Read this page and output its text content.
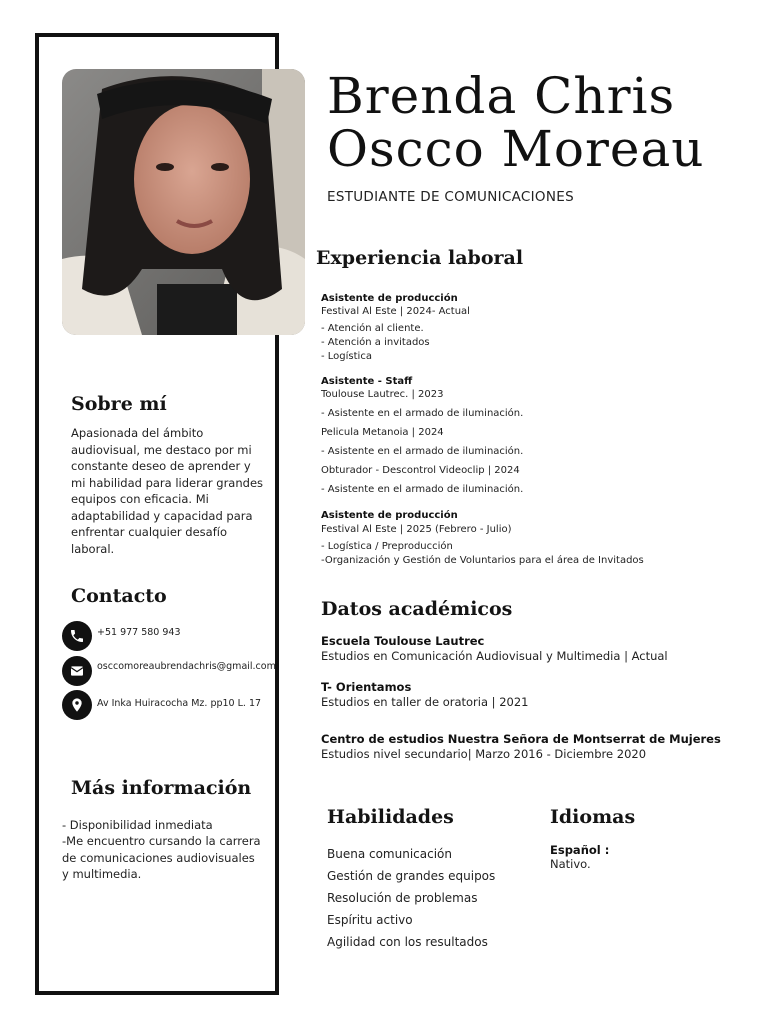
Brenda Chris
Oscco Moreau
ESTUDIANTE DE COMUNICACIONES
Sobre mí
Apasionada del ámbito audiovisual, me destaco por mi constante deseo de aprender y mi habilidad para liderar grandes equipos con eficacia. Mi adaptabilidad y capacidad para enfrentar cualquier desafío laboral.
Contacto
+51 977 580 943
osccomoreaubrendachris@gmail.com
Av Inka Huiracocha Mz. pp10 L. 17
Más información
- Disponibilidad inmediata
-Me encuentro cursando la carrera de comunicaciones audiovisuales y multimedia.
Experiencia laboral
Asistente de producción
Festival Al Este | 2024- Actual
- Atención al cliente.
- Atención a invitados
- Logística
Asistente - Staff
Toulouse Lautrec. | 2023
- Asistente en el armado de iluminación.
Pelicula Metanoia | 2024
- Asistente en el armado de iluminación.
Obturador - Descontrol Videoclip | 2024
- Asistente en el armado de iluminación.
Asistente de producción
Festival Al Este | 2025 (Febrero - Julio)
- Logística / Preproducción
-Organización y Gestión de Voluntarios para el área de Invitados
Datos académicos
Escuela Toulouse Lautrec
Estudios en Comunicación Audiovisual y Multimedia | Actual
T- Orientamos
Estudios en taller de oratoria | 2021
Centro de estudios Nuestra Señora de Montserrat de Mujeres
Estudios nivel secundario| Marzo 2016 - Diciembre 2020
Habilidades
Buena comunicación
Gestión de grandes equipos
Resolución de problemas
Espíritu activo
Agilidad con los resultados
Idiomas
Español :
Nativo.
